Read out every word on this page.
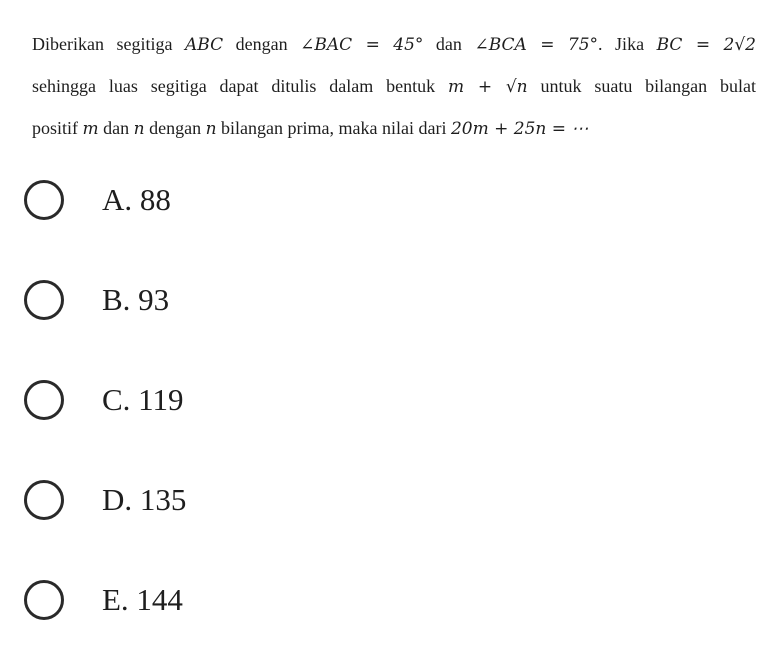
Diberikan segitiga ABC dengan ∠BAC = 45° dan ∠BCA = 75°. Jika BC = 2√2
sehingga luas segitiga dapat ditulis dalam bentuk m + √n untuk suatu bilangan bulat
positif m dan n dengan n bilangan prima, maka nilai dari 20m + 25n = ⋯
A. 88
B. 93
C. 119
D. 135
E. 144
